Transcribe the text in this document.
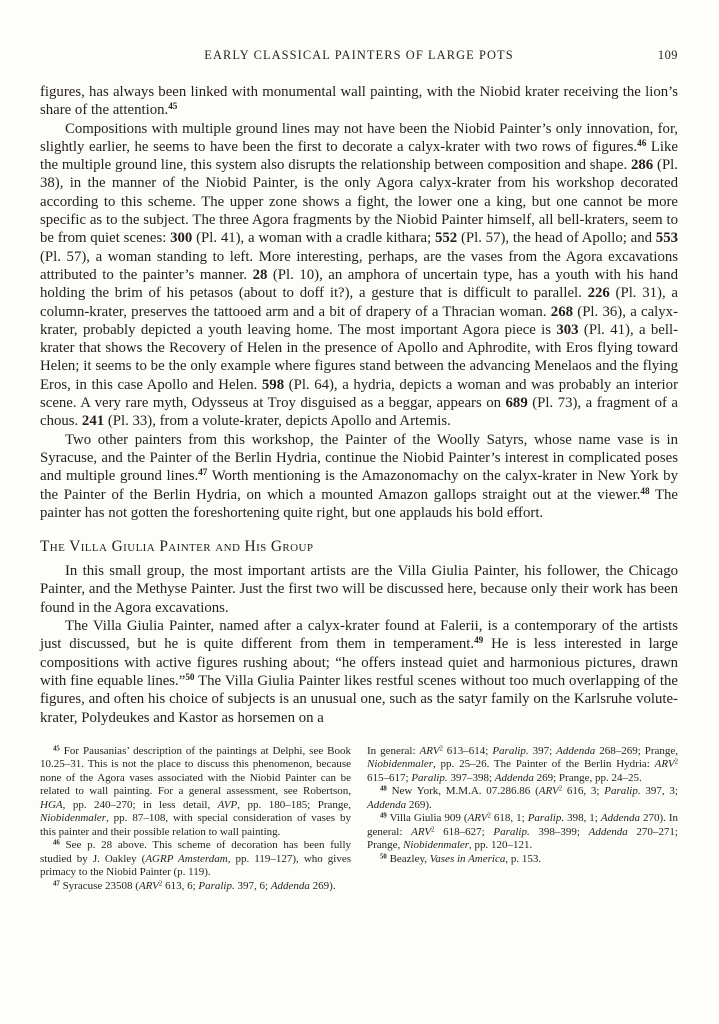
EARLY CLASSICAL PAINTERS OF LARGE POTS	109

figures, has always been linked with monumental wall painting, with the Niobid krater receiving the lion’s share of the attention.$^{45}$

Compositions with multiple ground lines may not have been the Niobid Painter’s only innovation, for, slightly earlier, he seems to have been the first to decorate a calyx-krater with two rows of figures.$^{46}$ Like the multiple ground line, this system also disrupts the relationship between composition and shape. 286 (Pl. 38), in the manner of the Niobid Painter, is the only Agora calyx-krater from his workshop decorated according to this scheme. The upper zone shows a fight, the lower one a king, but one cannot be more specific as to the subject. The three Agora fragments by the Niobid Painter himself, all bell-kraters, seem to be from quiet scenes: 300 (Pl. 41), a woman with a cradle kithara; 552 (Pl. 57), the head of Apollo; and 553 (Pl. 57), a woman standing to left. More interesting, perhaps, are the vases from the Agora excavations attributed to the painter’s manner. 28 (Pl. 10), an amphora of uncertain type, has a youth with his hand holding the brim of his petasos (about to doff it?), a gesture that is difficult to parallel. 226 (Pl. 31), a column-krater, preserves the tattooed arm and a bit of drapery of a Thracian woman. 268 (Pl. 36), a calyx-krater, probably depicted a youth leaving home. The most important Agora piece is 303 (Pl. 41), a bell-krater that shows the Recovery of Helen in the presence of Apollo and Aphrodite, with Eros flying toward Helen; it seems to be the only example where figures stand between the advancing Menelaos and the flying Eros, in this case Apollo and Helen. 598 (Pl. 64), a hydria, depicts a woman and was probably an interior scene. A very rare myth, Odysseus at Troy disguised as a beggar, appears on 689 (Pl. 73), a fragment of a chous. 241 (Pl. 33), from a volute-krater, depicts Apollo and Artemis.

Two other painters from this workshop, the Painter of the Woolly Satyrs, whose name vase is in Syracuse, and the Painter of the Berlin Hydria, continue the Niobid Painter’s interest in complicated poses and multiple ground lines.$^{47}$ Worth mentioning is the Amazonomachy on the calyx-krater in New York by the Painter of the Berlin Hydria, on which a mounted Amazon gallops straight out at the viewer.$^{48}$ The painter has not gotten the foreshortening quite right, but one applauds his bold effort.

The Villa Giulia Painter and His Group

In this small group, the most important artists are the Villa Giulia Painter, his follower, the Chicago Painter, and the Methyse Painter. Just the first two will be discussed here, because only their work has been found in the Agora excavations.

The Villa Giulia Painter, named after a calyx-krater found at Falerii, is a contemporary of the artists just discussed, but he is quite different from them in temperament.$^{49}$ He is less interested in large compositions with active figures rushing about; “he offers instead quiet and harmonious pictures, drawn with fine equable lines.”$^{50}$ The Villa Giulia Painter likes restful scenes without too much overlapping of the figures, and often his choice of subjects is an unusual one, such as the satyr family on the Karlsruhe volute-krater, Polydeukes and Kastor as horsemen on a

$^{45}$ For Pausanias’ description of the paintings at Delphi, see Book 10.25–31. This is not the place to discuss this phenomenon, because none of the Agora vases associated with the Niobid Painter can be related to wall painting. For a general assessment, see Robertson, HGA, pp. 240–270; in less detail, AVP, pp. 180–185; Prange, Niobidenmaler, pp. 87–108, with special consideration of vases by this painter and their possible relation to wall painting.

$^{46}$ See p. 28 above. This scheme of decoration has been fully studied by J. Oakley (AGRP Amsterdam, pp. 119–127), who gives primacy to the Niobid Painter (p. 119).

$^{47}$ Syracuse 23508 (ARV$^2$ 613, 6; Paralip. 397, 6; Addenda 269).

In general: ARV$^2$ 613–614; Paralip. 397; Addenda 268–269; Prange, Niobidenmaler, pp. 25–26. The Painter of the Berlin Hydria: ARV$^2$ 615–617; Paralip. 397–398; Addenda 269; Prange, pp. 24–25.

$^{48}$ New York, M.M.A. 07.286.86 (ARV$^2$ 616, 3; Paralip. 397, 3; Addenda 269).

$^{49}$ Villa Giulia 909 (ARV$^2$ 618, 1; Paralip. 398, 1; Addenda 270). In general: ARV$^2$ 618–627; Paralip. 398–399; Addenda 270–271; Prange, Niobidenmaler, pp. 120–121.

$^{50}$ Beazley, Vases in America, p. 153.
